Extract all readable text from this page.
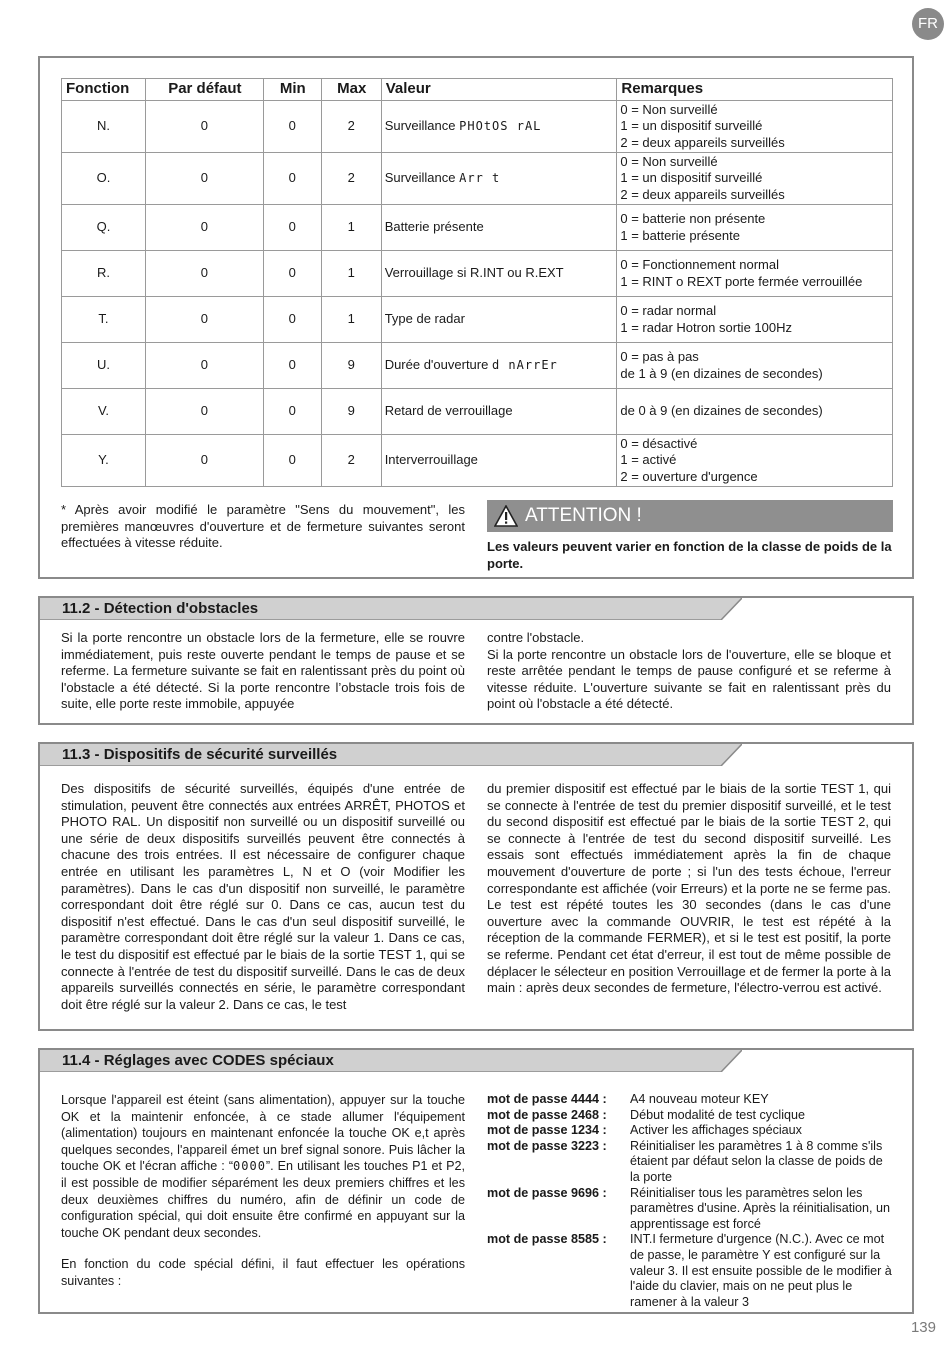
FR
Fonction	Par défaut	Min	Max	Valeur	Remarques
N.	0	0	2	Surveillance PHOtOS rAL	0 = Non surveillé
1 = un dispositif surveillé
2 = deux appareils surveillés

O.	0	0	2	Surveillance Arr t	0 = Non surveillé
1 = un dispositif surveillé
2 = deux appareils surveillés

Q.	0	0	1	Batterie présente	0 = batterie non présente
1 = batterie présente

R.	0	0	1	Verrouillage si R.INT ou R.EXT	0 = Fonctionnement normal
1 = RINT o REXT porte fermée verrouillée

T.	0	0	1	Type de radar	0 = radar normal
1 = radar Hotron sortie 100Hz

U.	0	0	9	Durée d'ouverture d nArrEr	0 = pas à pas
de 1 à 9 (en dizaines de secondes)

V.	0	0	9	Retard de verrouillage	de 0 à 9 (en dizaines de secondes)

Y.	0	0	2	Interverrouillage	0 = désactivé
1 = activé
2 = ouverture d'urgence
* Après avoir modifié le paramètre "Sens du mouvement", les premières manœuvres d'ouverture et de fermeture suivantes seront effectuées à vitesse réduite.
ATTENTION !
Les valeurs peuvent varier en fonction de la classe de poids de la porte.
11.2 - Détection d'obstacles

Si la porte rencontre un obstacle lors de la fermeture, elle se rouvre immédiatement, puis reste ouverte pendant le temps de pause et se referme. La fermeture suivante se fait en ralentissant près du point où l'obstacle a été détecté. Si la porte rencontre l’obstacle trois fois de suite, elle porte reste immobile, appuyée

contre l'obstacle.

Si la porte rencontre un obstacle lors de l'ouverture, elle se bloque et reste arrêtée pendant le temps de pause configuré et se referme à vitesse réduite. L'ouverture suivante se fait en ralentissant près du point où l'obstacle a été détecté.

11.3 - Dispositifs de sécurité surveillés

Des dispositifs de sécurité surveillés, équipés d'une entrée de stimulation, peuvent être connectés aux entrées ARRÊT, PHOTOS et PHOTO RAL. Un dispositif non surveillé ou un dispositif surveillé ou une série de deux dispositifs surveillés peuvent être connectés à chacune des trois entrées. Il est nécessaire de configurer chaque entrée en utilisant les paramètres L, N et O (voir Modifier les paramètres). Dans le cas d'un dispositif non surveillé, le paramètre correspondant doit être réglé sur 0. Dans ce cas, aucun test du dispositif n'est effectué. Dans le cas d'un seul dispositif surveillé, le paramètre correspondant doit être réglé sur la valeur 1. Dans ce cas, le test du dispositif est effectué par le biais de la sortie TEST 1, qui se connecte à l'entrée de test du dispositif surveillé. Dans le cas de deux appareils surveillés connectés en série, le paramètre correspondant doit être réglé sur la valeur 2. Dans ce cas, le test

du premier dispositif est effectué par le biais de la sortie TEST 1, qui se connecte à l'entrée de test du premier dispositif surveillé, et le test du second dispositif est effectué par le biais de la sortie TEST 2, qui se connecte à l'entrée de test du second dispositif surveillé. Les essais sont effectués immédiatement après la fin de chaque mouvement d'ouverture de porte ; si l'un des tests échoue, l'erreur correspondante est affichée (voir Erreurs) et la porte ne se ferme pas. Le test est répété toutes les 30 secondes (dans le cas d'une ouverture avec la commande OUVRIR, le test est répété à la réception de la commande FERMER), et si le test est positif, la porte se referme. Pendant cet état d'erreur, il est tout de même possible de déplacer le sélecteur en position Verrouillage et de fermer la porte à la main : après deux secondes de fermeture, l'électro-verrou est activé.

11.4 - Réglages avec CODES spéciaux

Lorsque l'appareil est éteint (sans alimentation), appuyer sur la touche OK et la maintenir enfoncée, à ce stade allumer l'équipement (alimentation) toujours en maintenant enfoncée la touche OK e,t après quelques secondes, l'appareil émet un bref signal sonore. Puis lâcher la touche OK et l'écran affiche : “0000”. En utilisant les touches P1 et P2, il est possible de modifier séparément les deux premiers chiffres et les deux deuxièmes chiffres du numéro, afin de définir un code de configuration spécial, qui doit ensuite être confirmé en appuyant sur la touche OK pendant deux secondes.

En fonction du code spécial défini, il faut effectuer les opérations suivantes :

mot de passe 4444 :	A4 nouveau moteur KEY
mot de passe 2468 :	Début modalité de test cyclique
mot de passe 1234 :	Activer les affichages spéciaux
mot de passe 3223 :	Réinitialiser les paramètres 1 à 8 comme s'ils étaient par défaut selon la classe de poids de la porte
mot de passe 9696 :	Réinitialiser tous les paramètres selon les paramètres d'usine. Après la réinitialisation, un apprentissage est forcé
mot de passe 8585 :	INT.I fermeture d'urgence (N.C.). Avec ce mot de passe, le paramètre Y est configuré sur la valeur 3. Il est ensuite possible de le modifier à l'aide du clavier, mais on ne peut plus le ramener à la valeur 3
139
